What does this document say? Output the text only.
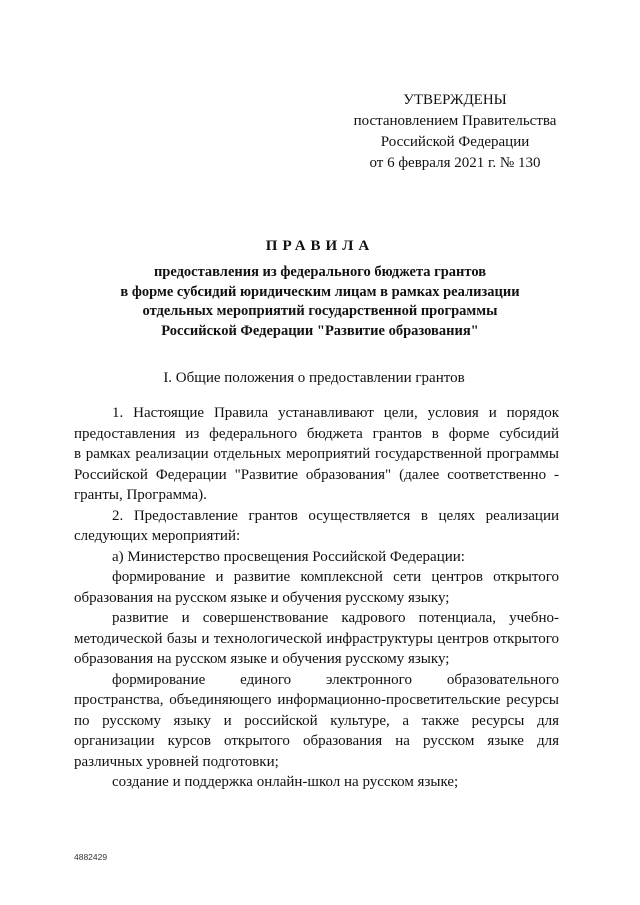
УТВЕРЖДЕНЫ
постановлением Правительства
Российской Федерации
от 6 февраля 2021 г. № 130
ПРАВИЛА
предоставления из федерального бюджета грантов
в форме субсидий юридическим лицам в рамках реализации
отдельных мероприятий государственной программы
Российской Федерации "Развитие образования"
I. Общие положения о предоставлении грантов
1. Настоящие Правила устанавливают цели, условия и порядок
предоставления из федерального бюджета грантов в форме субсидий
в рамках реализации отдельных мероприятий государственной программы
Российской Федерации "Развитие образования" (далее соответственно -
гранты, Программа).
2. Предоставление грантов осуществляется в целях реализации
следующих мероприятий:
а) Министерство просвещения Российской Федерации:
формирование и развитие комплексной сети центров открытого
образования на русском языке и обучения русскому языку;
развитие и совершенствование кадрового потенциала, учебно-
методической базы и технологической инфраструктуры центров открытого
образования на русском языке и обучения русскому языку;
формирование единого электронного образовательного
пространства, объединяющего информационно-просветительские ресурсы
по русскому языку и российской культуре, а также ресурсы для
организации курсов открытого образования на русском языке для
различных уровней подготовки;
создание и поддержка онлайн-школ на русском языке;
4882429
